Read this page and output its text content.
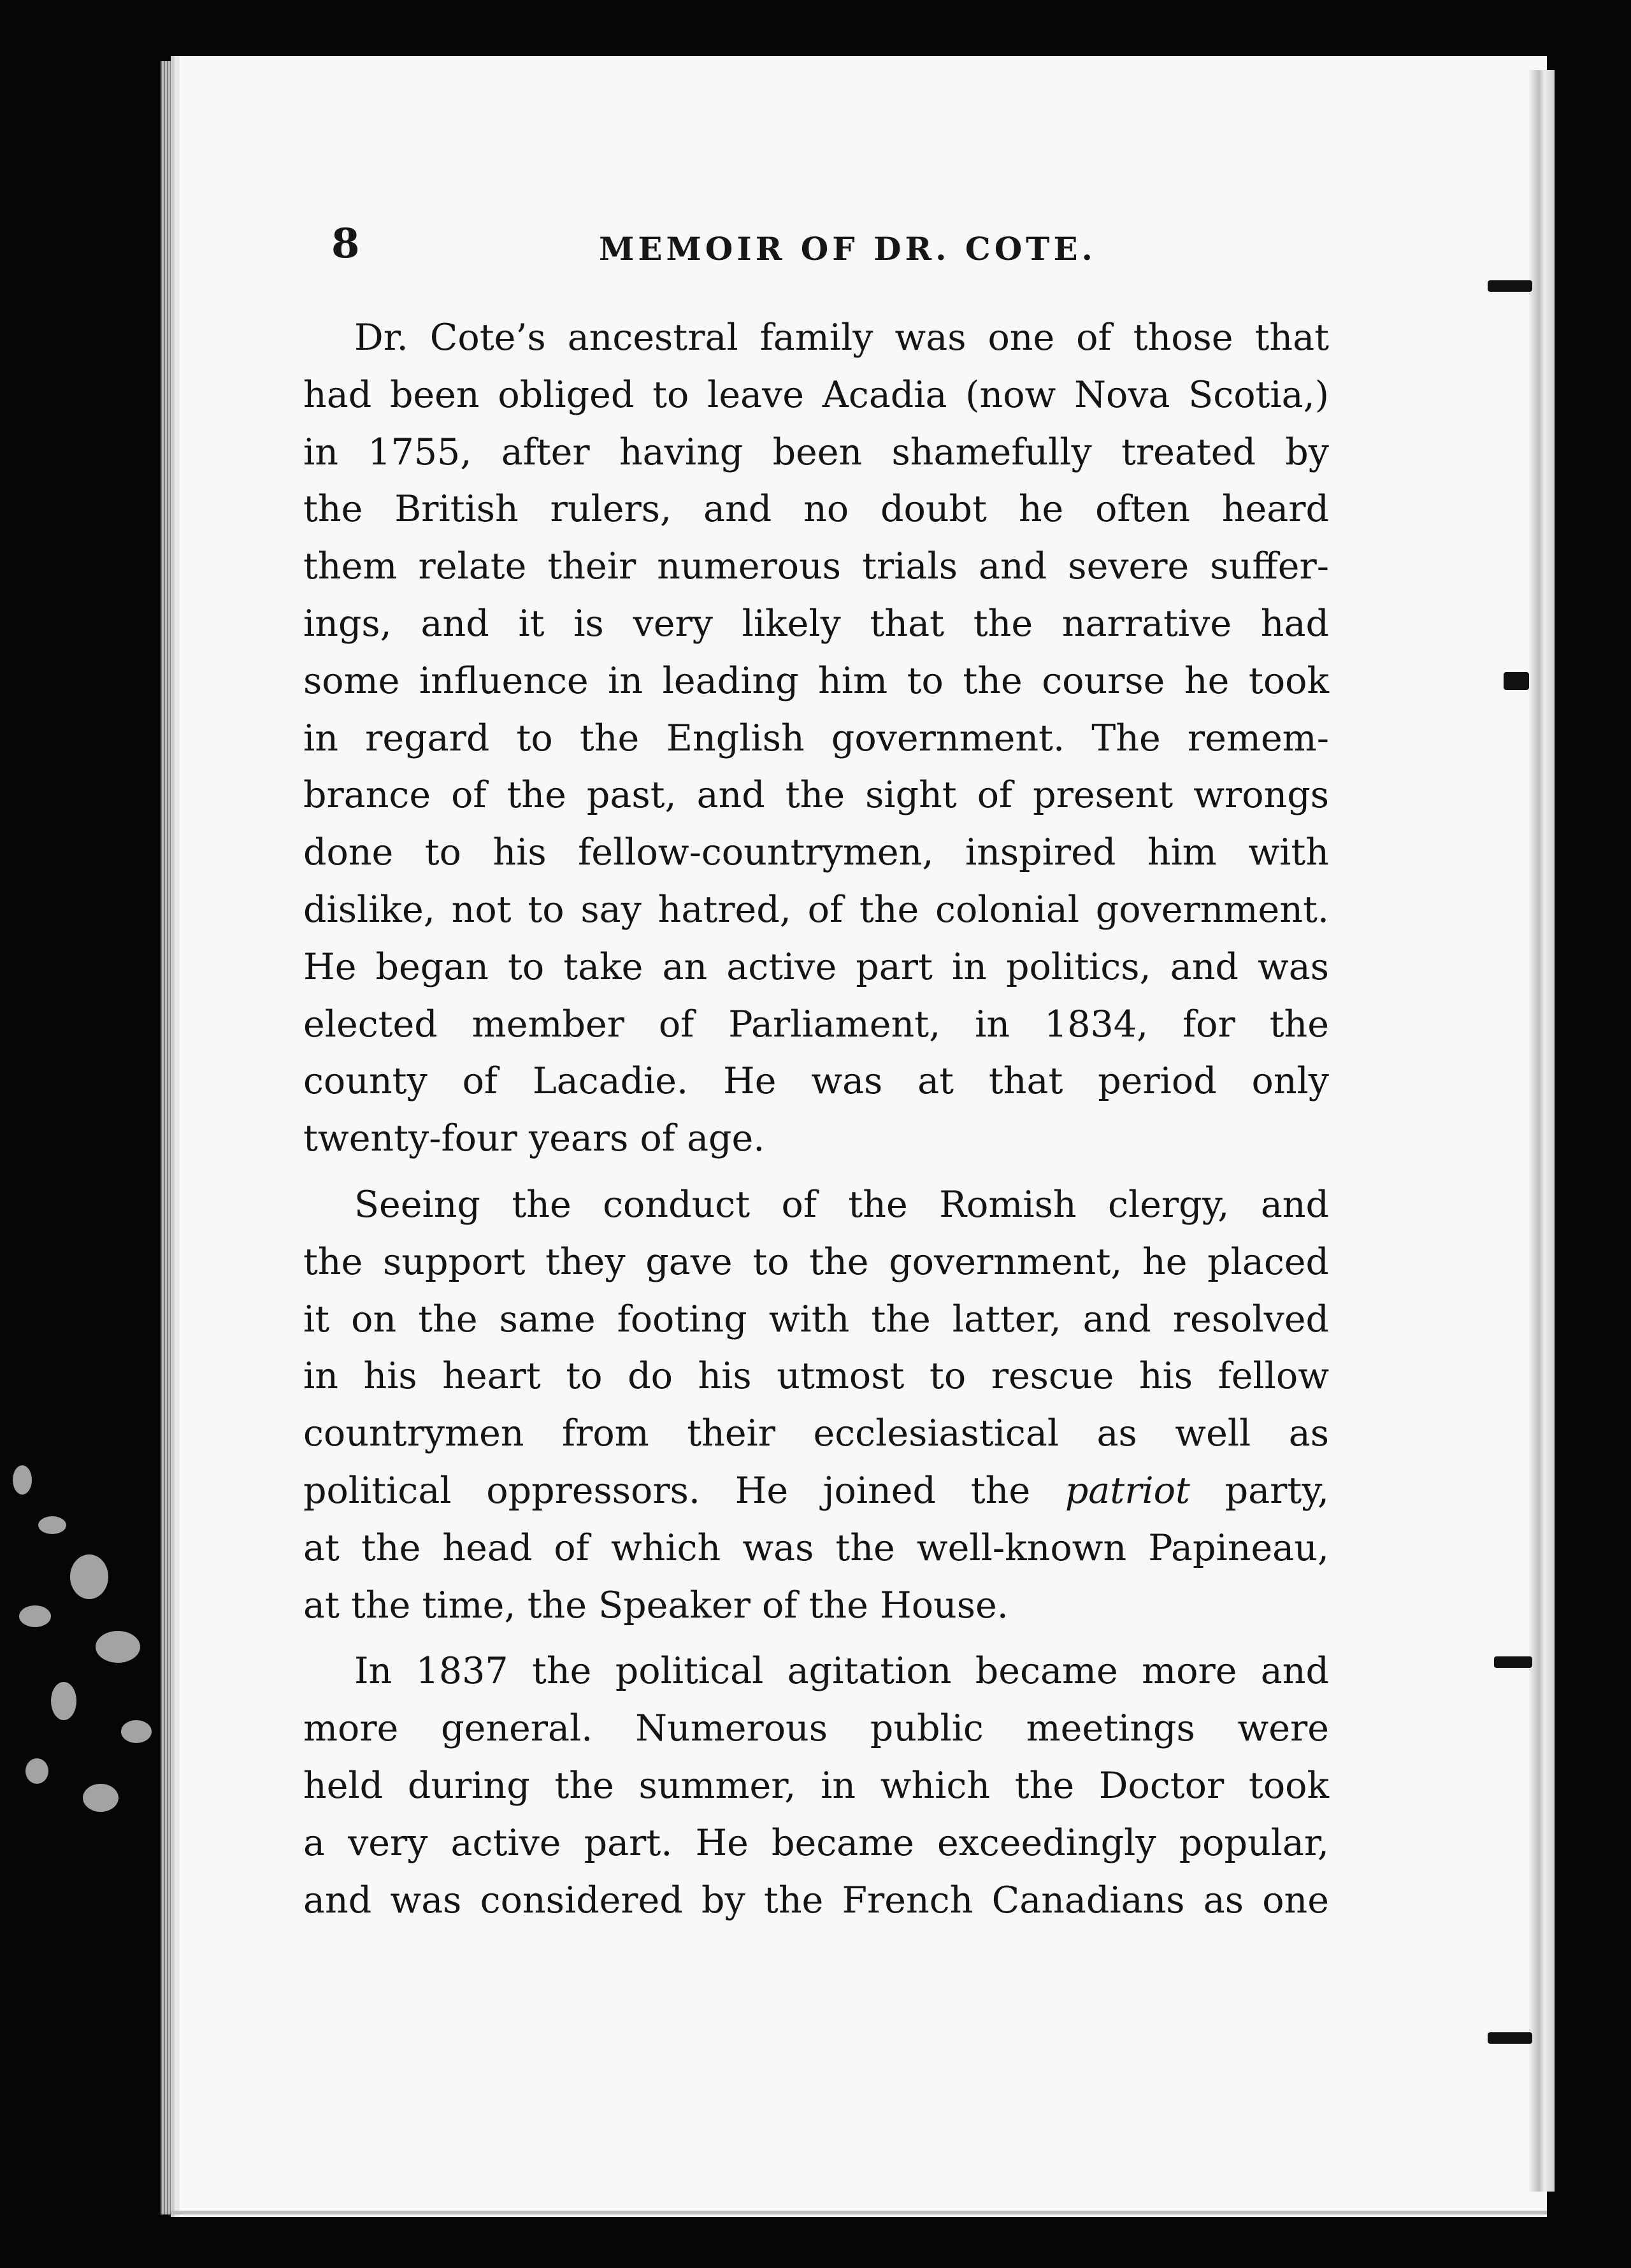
8	MEMOIR OF DR. COTE.
Dr. Cote’s ancestral family was one of those that
had been obliged to leave Acadia (now Nova Scotia,)
in 1755, after having been shamefully treated by
the British rulers, and no doubt he often heard
them relate their numerous trials and severe suffer-
ings, and it is very likely that the narrative had
some influence in leading him to the course he took
in regard to the English government. The remem-
brance of the past, and the sight of present wrongs
done to his fellow-countrymen, inspired him with
dislike, not to say hatred, of the colonial government.
He began to take an active part in politics, and was
elected member of Parliament, in 1834, for the
county of Lacadie. He was at that period only
twenty-four years of age.
Seeing the conduct of the Romish clergy, and
the support they gave to the government, he placed
it on the same footing with the latter, and resolved
in his heart to do his utmost to rescue his fellow
countrymen from their ecclesiastical as well as
political oppressors. He joined the patriot party,
at the head of which was the well-known Papineau,
at the time, the Speaker of the House.
In 1837 the political agitation became more and
more general. Numerous public meetings were
held during the summer, in which the Doctor took
a very active part. He became exceedingly popular,
and was considered by the French Canadians as one
